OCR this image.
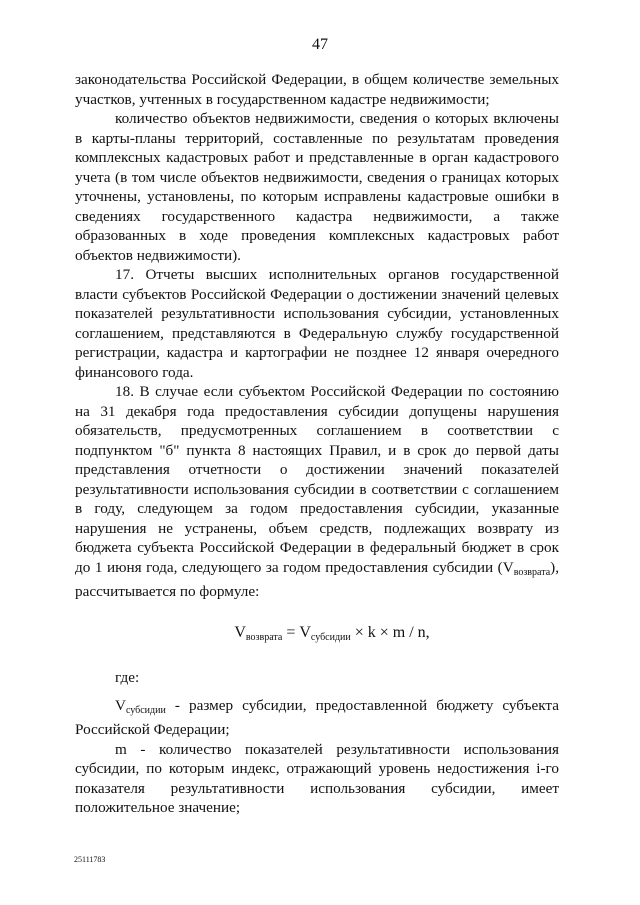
47

законодательства Российской Федерации, в общем количестве земельных участков, учтенных в государственном кадастре недвижимости;

количество объектов недвижимости, сведения о которых включены в карты-планы территорий, составленные по результатам проведения комплексных кадастровых работ и представленные в орган кадастрового учета (в том числе объектов недвижимости, сведения о границах которых уточнены, установлены, по которым исправлены кадастровые ошибки в сведениях государственного кадастра недвижимости, а также образованных в ходе проведения комплексных кадастровых работ объектов недвижимости).

17. Отчеты высших исполнительных органов государственной власти субъектов Российской Федерации о достижении значений целевых показателей результативности использования субсидии, установленных соглашением, представляются в Федеральную службу государственной регистрации, кадастра и картографии не позднее 12 января очередного финансового года.

18. В случае если субъектом Российской Федерации по состоянию на 31 декабря года предоставления субсидии допущены нарушения обязательств, предусмотренных соглашением в соответствии с подпунктом "б" пункта 8 настоящих Правил, и в срок до первой даты представления отчетности о достижении значений показателей результативности использования субсидии в соответствии с соглашением в году, следующем за годом предоставления субсидии, указанные нарушения не устранены, объем средств, подлежащих возврату из бюджета субъекта Российской Федерации в федеральный бюджет в срок до 1 июня года, следующего за годом предоставления субсидии $(V_{возврата})$, рассчитывается по формуле:

$V_{возврата} = V_{субсидии} \times k \times m / n$,

где:

$V_{субсидии}$ - размер субсидии, предоставленной бюджету субъекта Российской Федерации;

m - количество показателей результативности использования субсидии, по которым индекс, отражающий уровень недостижения i-го показателя результативности использования субсидии, имеет положительное значение;

25111783
